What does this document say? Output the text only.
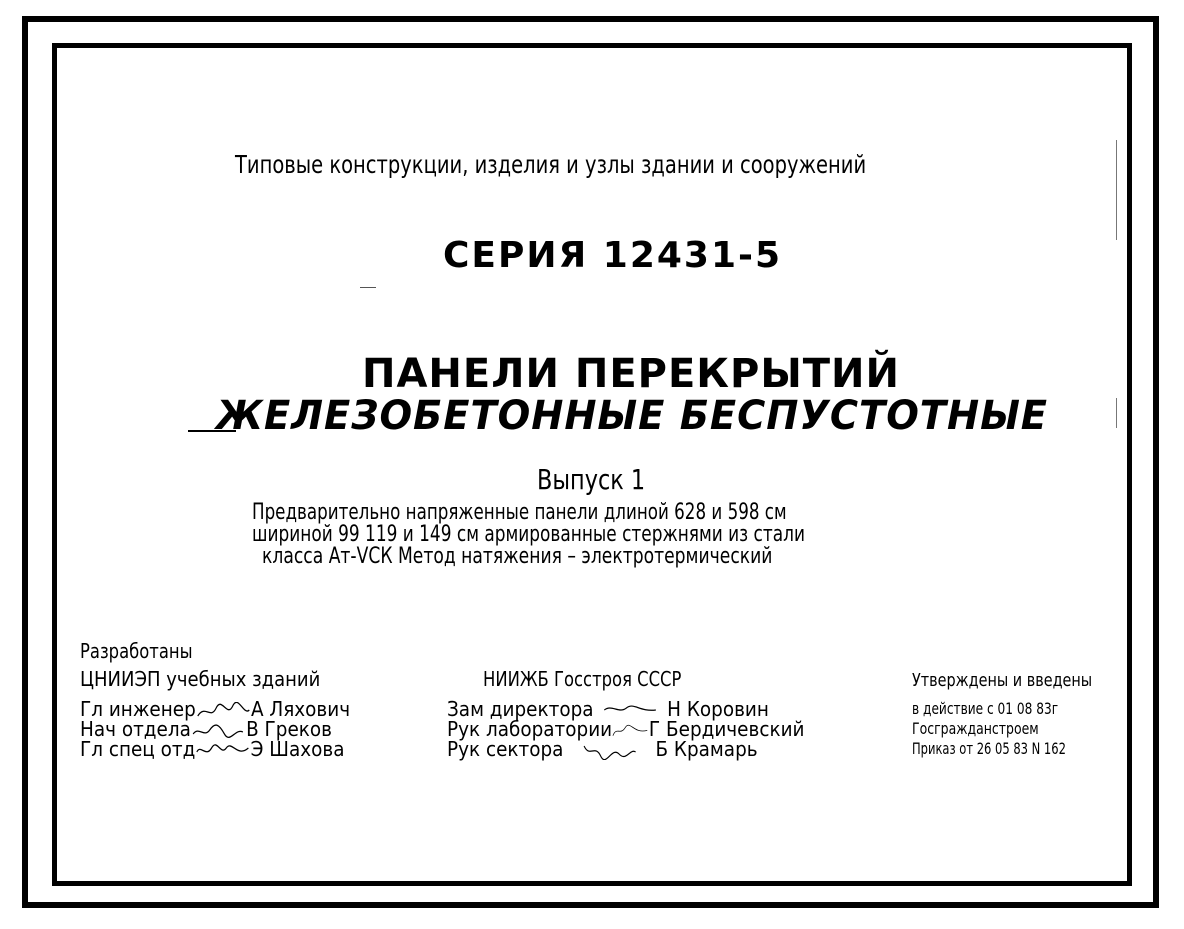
Типовые конструкции, изделия и узлы здании и сооружений
СЕРИЯ 12431-5
ПАНЕЛИ ПЕРЕКРЫТИЙ
ЖЕЛЕЗОБЕТОННЫЕ БЕСПУСТОТНЫЕ
Выпуск 1
Предварительно напряженные панели длиной 628 и 598 см
шириной 99 119 и 149 см армированные стержнями из стали
класса Ат-VСК Метод натяжения – электротермический
Разработаны
ЦНИИЭП учебных зданий
Гл инженер	А Ляхович
Нач отдела	В Греков
Гл спец отд	Э Шахова
НИИЖБ Госстроя СССР
Зам директора	Н Коровин
Рук лаборатории Г Бердичевский
Рук сектора	Б Крамарь
Утверждены и введены
в действие с 01 08 83г
Госгражданстроем
Приказ от 26 05 83 N 162
